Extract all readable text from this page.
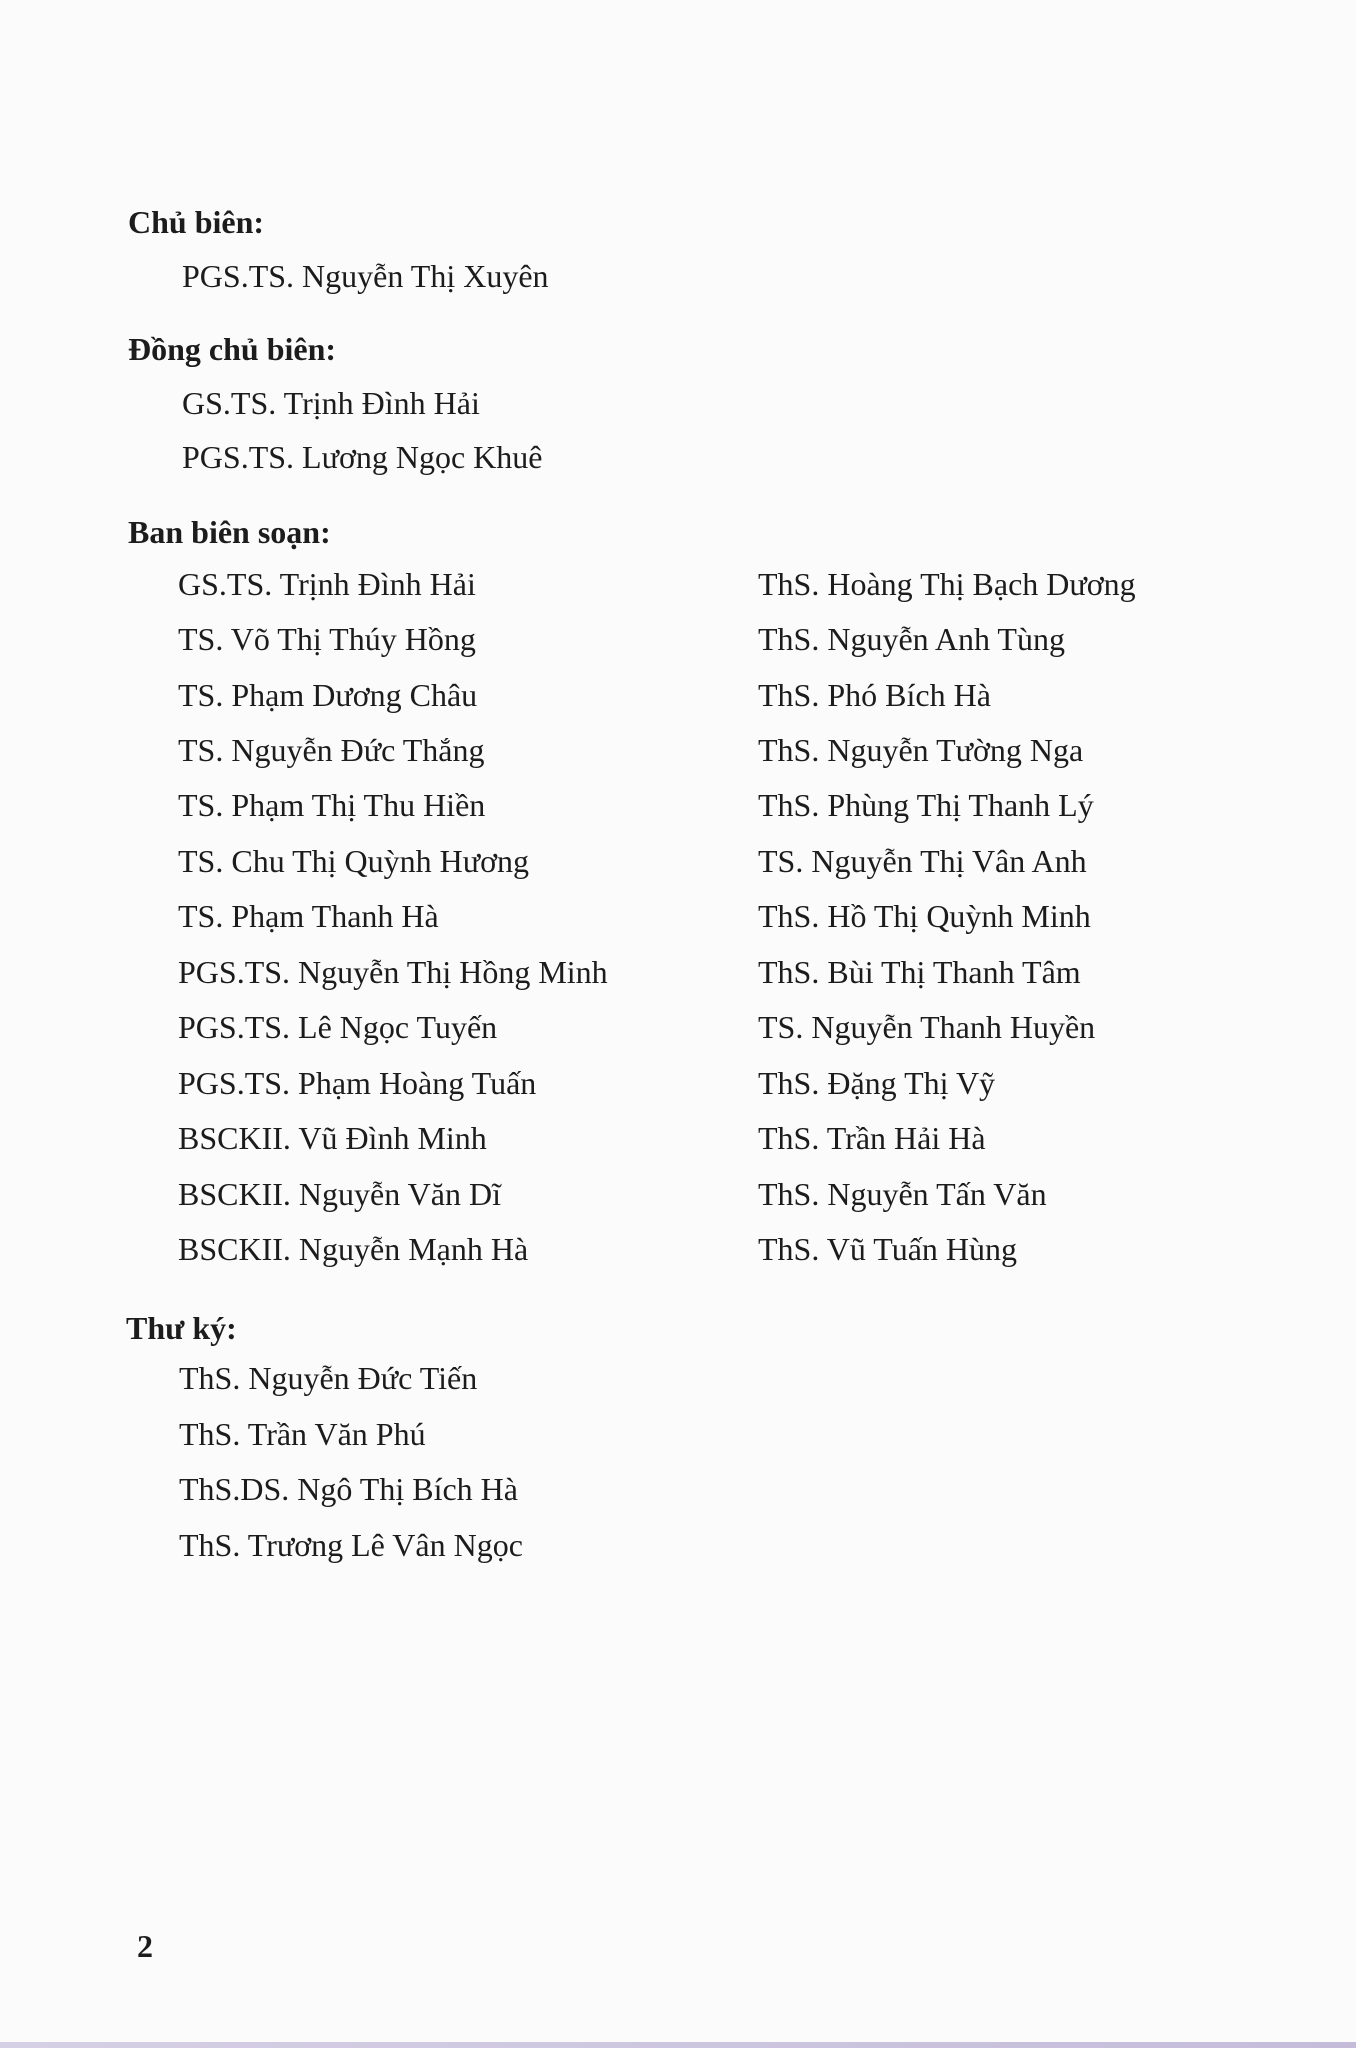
Chủ biên:
PGS.TS. Nguyễn Thị Xuyên
Đồng chủ biên:
GS.TS. Trịnh Đình Hải
PGS.TS. Lương Ngọc Khuê
Ban biên soạn:
GS.TS. Trịnh Đình Hải
TS. Võ Thị Thúy Hồng
TS. Phạm Dương Châu
TS. Nguyễn Đức Thắng
TS. Phạm Thị Thu Hiền
TS. Chu Thị Quỳnh Hương
TS. Phạm Thanh Hà
PGS.TS. Nguyễn Thị Hồng Minh
PGS.TS. Lê Ngọc Tuyến
PGS.TS. Phạm Hoàng Tuấn
BSCKII. Vũ Đình Minh
BSCKII. Nguyễn Văn Dĩ
BSCKII. Nguyễn Mạnh Hà
ThS. Hoàng Thị Bạch Dương
ThS. Nguyễn Anh Tùng
ThS. Phó Bích Hà
ThS. Nguyễn Tường Nga
ThS. Phùng Thị Thanh Lý
TS. Nguyễn Thị Vân Anh
ThS. Hồ Thị Quỳnh Minh
ThS. Bùi Thị Thanh Tâm
TS. Nguyễn Thanh Huyền
ThS. Đặng Thị Vỹ
ThS. Trần Hải Hà
ThS. Nguyễn Tấn Văn
ThS. Vũ Tuấn Hùng
Thư ký:
ThS. Nguyễn Đức Tiến
ThS. Trần Văn Phú
ThS.DS. Ngô Thị Bích Hà
ThS. Trương Lê Vân Ngọc
2
